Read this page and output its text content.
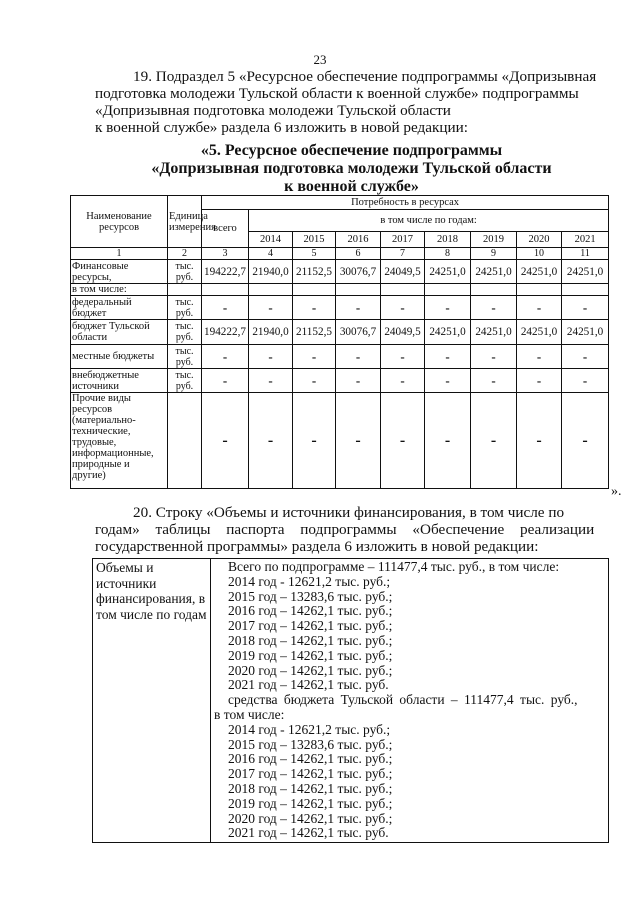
23
19. Подраздел 5 «Ресурсное обеспечение подпрограммы «Допризывная
подготовка молодежи Тульской области к военной службе» подпрограммы
«Допризывная подготовка молодежи Тульской области
к военной службе» раздела 6 изложить в новой редакции:
«5. Ресурсное обеспечение подпрограммы
«Допризывная подготовка молодежи Тульской области
к военной службе»
Наименование ресурсов	Единица измерения	Потребность в ресурсах								
		всего	в том числе по годам:							
			2014	2015	2016	2017	2018	2019	2020	2021
1	2	3	4	5	6	7	8	9	10	11
Финансовые ресурсы,	тыс. руб.	194222,7	21940,0	21152,5	30076,7	24049,5	24251,0	24251,0	24251,0	24251,0
в том числе:										
федеральный бюджет	тыс. руб.	-	-	-	-	-	-	-	-	-
бюджет Тульской области	тыс. руб.	194222,7	21940,0	21152,5	30076,7	24049,5	24251,0	24251,0	24251,0	24251,0
местные бюджеты	тыс. руб.	-	-	-	-	-	-	-	-	-
внебюджетные источники	тыс. руб.	-	-	-	-	-	-	-	-	-
Прочие виды ресурсов (материально-технические, трудовые, информационные, природные и другие)		-	-	-	-	-	-	-	-	-
».
20. Строку «Объемы и источники финансирования, в том числе по
годам» таблицы паспорта подпрограммы «Обеспечение реализации
государственной программы» раздела 6 изложить в новой редакции:
Объемы и источники финансирования, в том числе по годам	
Всего по подпрограмме – 111477,4 тыс. руб., в том числе:
2014 год - 12621,2 тыс. руб.;
2015 год – 13283,6 тыс. руб.;
2016 год – 14262,1 тыс. руб.;
2017 год – 14262,1 тыс. руб.;
2018 год – 14262,1 тыс. руб.;
2019 год – 14262,1 тыс. руб.;
2020 год – 14262,1 тыс. руб.;
2021 год – 14262,1 тыс. руб.
средства бюджета Тульской области – 111477,4 тыс. руб.,
в том числе:
2014 год - 12621,2 тыс. руб.;
2015 год – 13283,6 тыс. руб.;
2016 год – 14262,1 тыс. руб.;
2017 год – 14262,1 тыс. руб.;
2018 год – 14262,1 тыс. руб.;
2019 год – 14262,1 тыс. руб.;
2020 год – 14262,1 тыс. руб.;
2021 год – 14262,1 тыс. руб.
